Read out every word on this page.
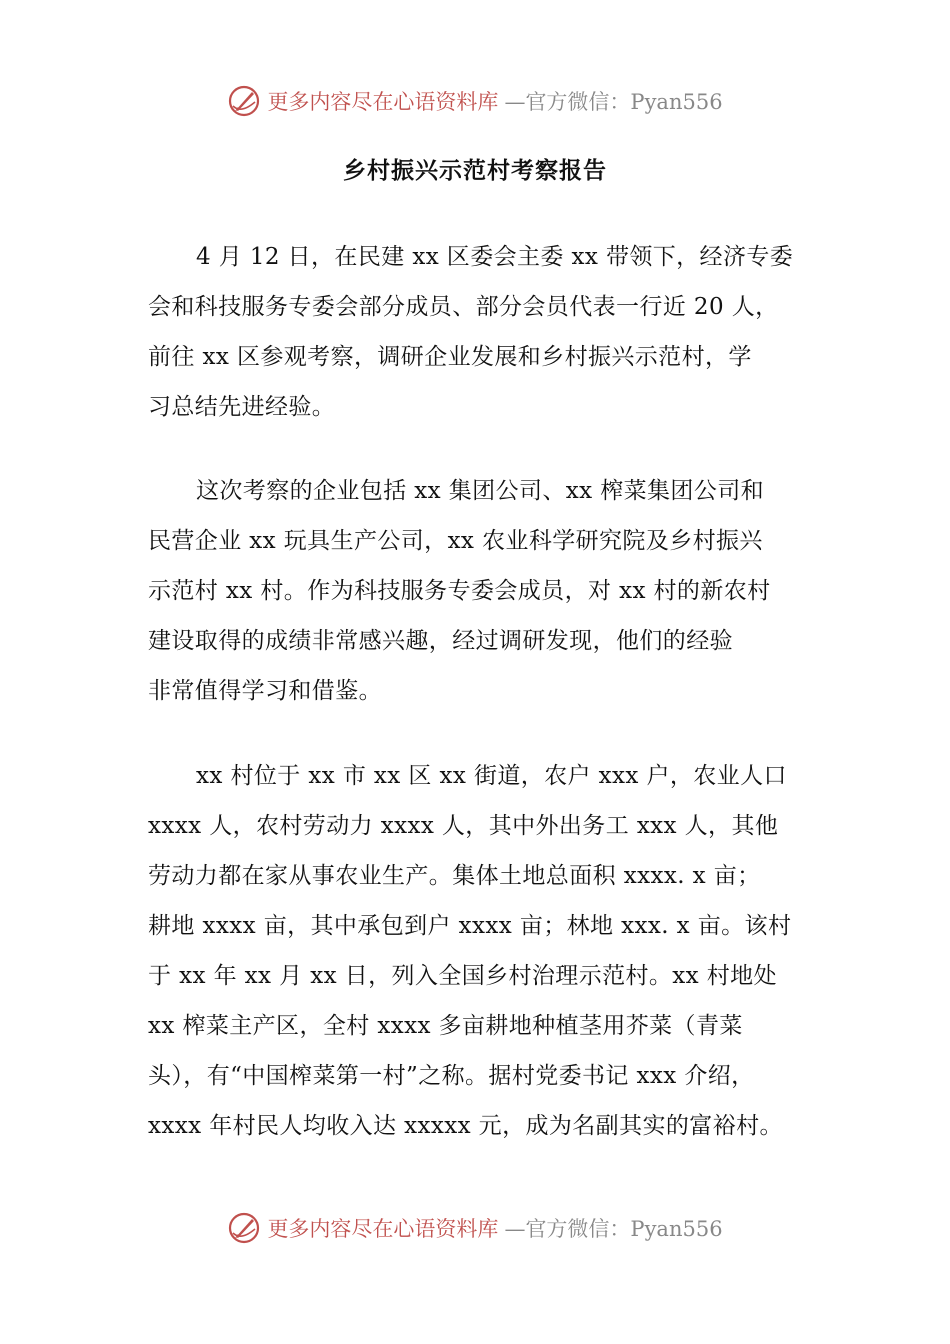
更多内容尽在心语资料库 —官方微信：Pyan556
乡村振兴示范村考察报告
4 月 12 日，在民建 xx 区委会主委 xx 带领下，经济专委
会和科技服务专委会部分成员、部分会员代表一行近 20 人，
前往 xx 区参观考察，调研企业发展和乡村振兴示范村，学
习总结先进经验。
这次考察的企业包括 xx 集团公司、xx 榨菜集团公司和
民营企业 xx 玩具生产公司，xx 农业科学研究院及乡村振兴
示范村 xx 村。作为科技服务专委会成员，对 xx 村的新农村
建设取得的成绩非常感兴趣，经过调研发现，他们的经验
非常值得学习和借鉴。
xx 村位于 xx 市 xx 区 xx 街道，农户 xxx 户，农业人口
xxxx 人，农村劳动力 xxxx 人，其中外出务工 xxx 人，其他
劳动力都在家从事农业生产。集体土地总面积 xxxx. x 亩；
耕地 xxxx 亩，其中承包到户 xxxx 亩；林地 xxx. x 亩。该村
于 xx 年 xx 月 xx 日，列入全国乡村治理示范村。xx 村地处
xx 榨菜主产区，全村 xxxx 多亩耕地种植茎用芥菜（青菜
头），有“中国榨菜第一村”之称。据村党委书记 xxx 介绍，
xxxx 年村民人均收入达 xxxxx 元，成为名副其实的富裕村。
更多内容尽在心语资料库 —官方微信：Pyan556
